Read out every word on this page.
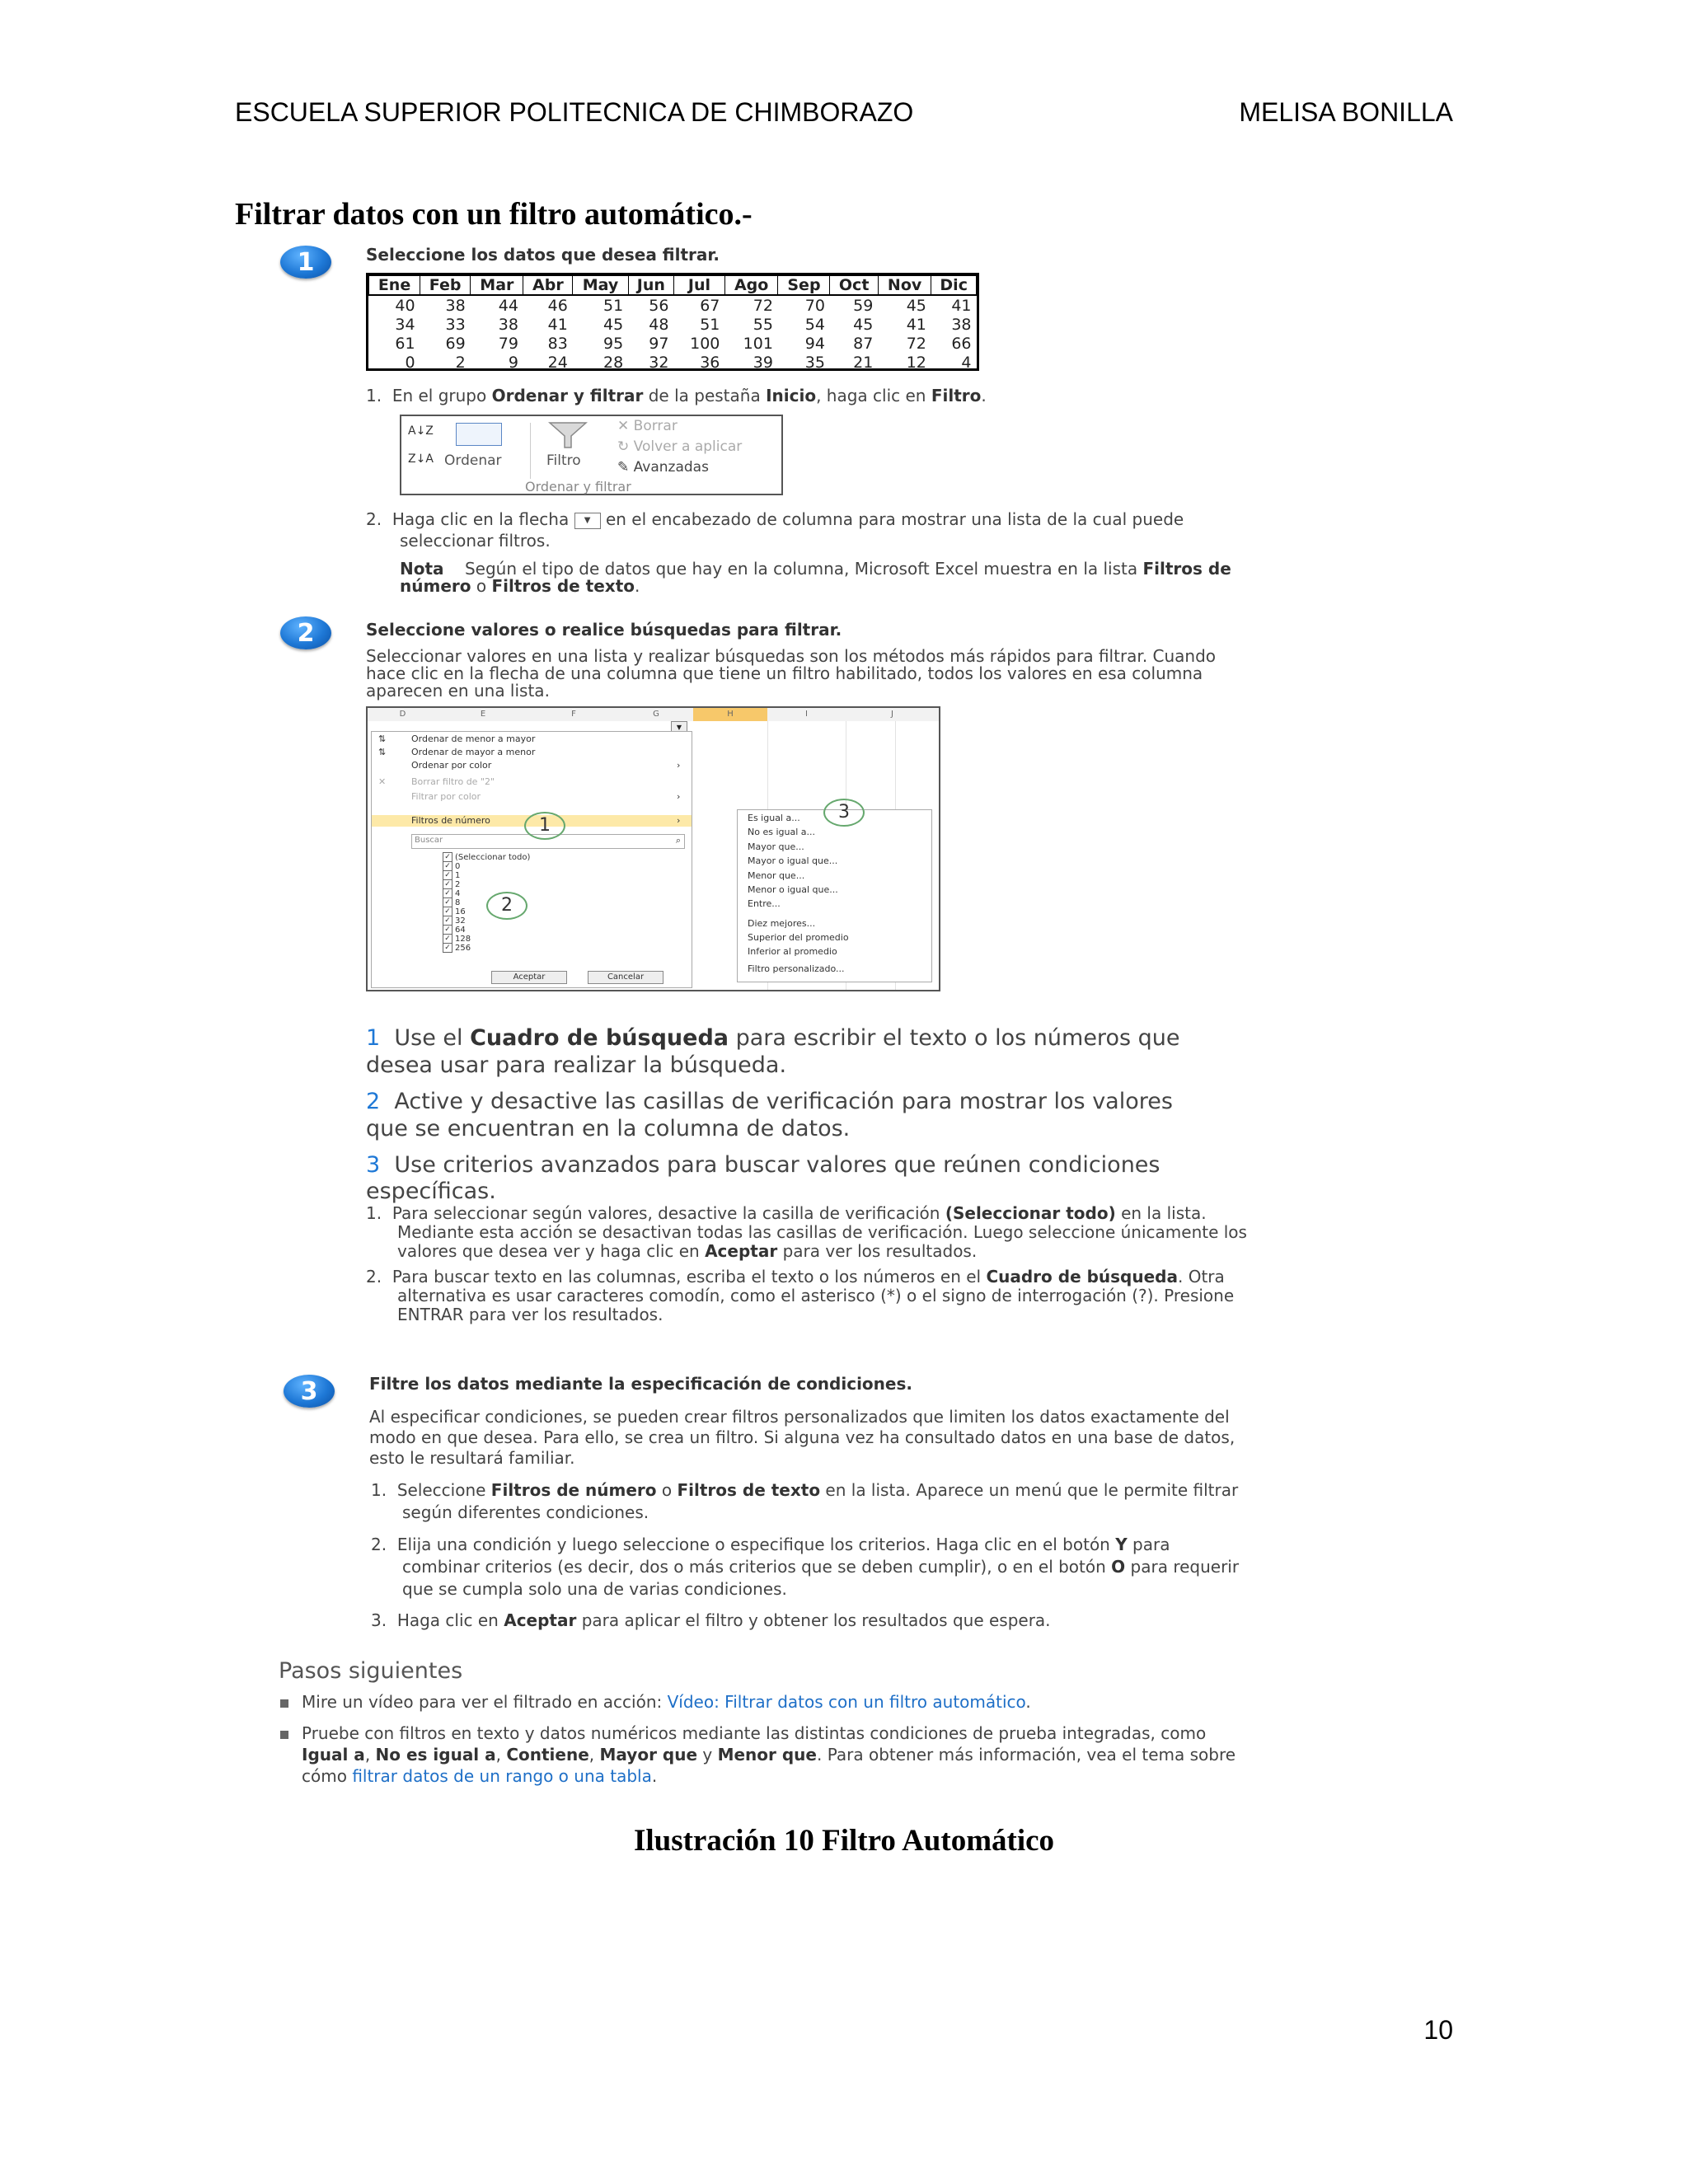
ESCUELA SUPERIOR POLITECNICA DE CHIMBORAZO	MELISA BONILLA
Filtrar datos con un filtro automático.-
1	Seleccione los datos que desea filtrar.
Ene	Feb	Mar	Abr	May	Jun	Jul	Ago	Sep	Oct	Nov	Dic
40	38	44	46	51	56	67	72	70	59	45	41
34	33	38	41	45	48	51	55	54	45	41	38
61	69	79	83	95	97	100	101	94	87	72	66
0	2	9	24	28	32	36	39	35	21	12	4
1. En el grupo Ordenar y filtrar de la pestaña Inicio, haga clic en Filtro.
A↓Z
Z↓A Ordenar	Filtro
✕ Borrar
↻ Volver a aplicar
✎ Avanzadas
Ordenar y filtrar
2. Haga clic en la flecha ▼ en el encabezado de columna para mostrar una lista de la cual puede
seleccionar filtros.
Nota Según el tipo de datos que hay en la columna, Microsoft Excel muestra en la lista Filtros de
número o Filtros de texto.
2	Seleccione valores o realice búsquedas para filtrar.
Seleccionar valores en una lista y realizar búsquedas son los métodos más rápidos para filtrar. Cuando
hace clic en la flecha de una columna que tiene un filtro habilitado, todos los valores en esa columna
aparecen en una lista.
D	E	F	G	H	I	J
▼
⇅	Ordenar de menor a mayor
⇅	Ordenar de mayor a menor
Ordenar por color	›
✕	Borrar filtro de "2"
Filtrar por color	›
Filtros de número	›
Buscar	⌕
✓ (Seleccionar todo)
✓ 0
✓ 1
✓ 2
✓ 4
✓ 8
✓ 16
✓ 32
✓ 64
✓ 128
✓ 256
Aceptar	Cancelar
Es igual a...
No es igual a...
Mayor que...
Mayor o igual que...
Menor que...
Menor o igual que...
Entre...
Diez mejores...
Superior del promedio
Inferior al promedio
Filtro personalizado...
1
2
3
1 Use el Cuadro de búsqueda para escribir el texto o los números que
desea usar para realizar la búsqueda.
2 Active y desactive las casillas de verificación para mostrar los valores
que se encuentran en la columna de datos.
3 Use criterios avanzados para buscar valores que reúnen condiciones
específicas.
1. Para seleccionar según valores, desactive la casilla de verificación (Seleccionar todo) en la lista.
Mediante esta acción se desactivan todas las casillas de verificación. Luego seleccione únicamente los
valores que desea ver y haga clic en Aceptar para ver los resultados.
2. Para buscar texto en las columnas, escriba el texto o los números en el Cuadro de búsqueda. Otra
alternativa es usar caracteres comodín, como el asterisco (*) o el signo de interrogación (?). Presione
ENTRAR para ver los resultados.
3	Filtre los datos mediante la especificación de condiciones.
Al especificar condiciones, se pueden crear filtros personalizados que limiten los datos exactamente del
modo en que desea. Para ello, se crea un filtro. Si alguna vez ha consultado datos en una base de datos,
esto le resultará familiar.
1. Seleccione Filtros de número o Filtros de texto en la lista. Aparece un menú que le permite filtrar
según diferentes condiciones.
2. Elija una condición y luego seleccione o especifique los criterios. Haga clic en el botón Y para
combinar criterios (es decir, dos o más criterios que se deben cumplir), o en el botón O para requerir
que se cumpla solo una de varias condiciones.
3. Haga clic en Aceptar para aplicar el filtro y obtener los resultados que espera.
Pasos siguientes
Mire un vídeo para ver el filtrado en acción: Vídeo: Filtrar datos con un filtro automático.
Pruebe con filtros en texto y datos numéricos mediante las distintas condiciones de prueba integradas, como
Igual a, No es igual a, Contiene, Mayor que y Menor que. Para obtener más información, vea el tema sobre
cómo filtrar datos de un rango o una tabla.
Ilustración 10 Filtro Automático
10
